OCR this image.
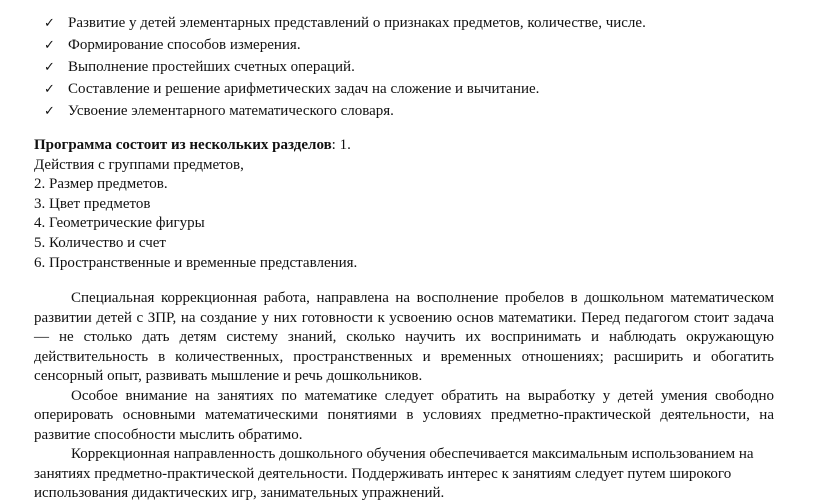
✓ Развитие у детей элементарных представлений о признаках предметов, количестве, числе.
✓ Формирование способов измерения.
✓ Выполнение простейших счетных операций.
✓ Составление и решение арифметических задач на сложение и вычитание.
✓ Усвоение элементарного математического словаря.
Программа состоит из нескольких разделов: 1.
Действия с группами предметов,
2. Размер предметов.
3. Цвет предметов
4. Геометрические фигуры
5. Количество и счет
6. Пространственные и временные представления.

Специальная коррекционная работа, направлена на восполнение пробелов в дошкольном математическом развитии детей с ЗПР, на создание у них готовности к усвоению основ математики. Перед педагогом стоит задача — не столько дать детям систему знаний, сколько научить их воспринимать и наблюдать окружающую действительность в количественных, пространственных и временных отношениях; расширить и обогатить сенсорный опыт, развивать мышление и речь дошкольников.

Особое внимание на занятиях по математике следует обратить на выработку у детей умения свободно оперировать основными математическими понятиями в условиях предметно-практической деятельности, на развитие способности мыслить обратимо.

Коррекционная направленность дошкольного обучения обеспечивается максимальным использованием на занятиях предметно-практической деятельности. Поддерживать интерес к занятиям следует путем широкого использования дидактических игр, занимательных упражнений.
